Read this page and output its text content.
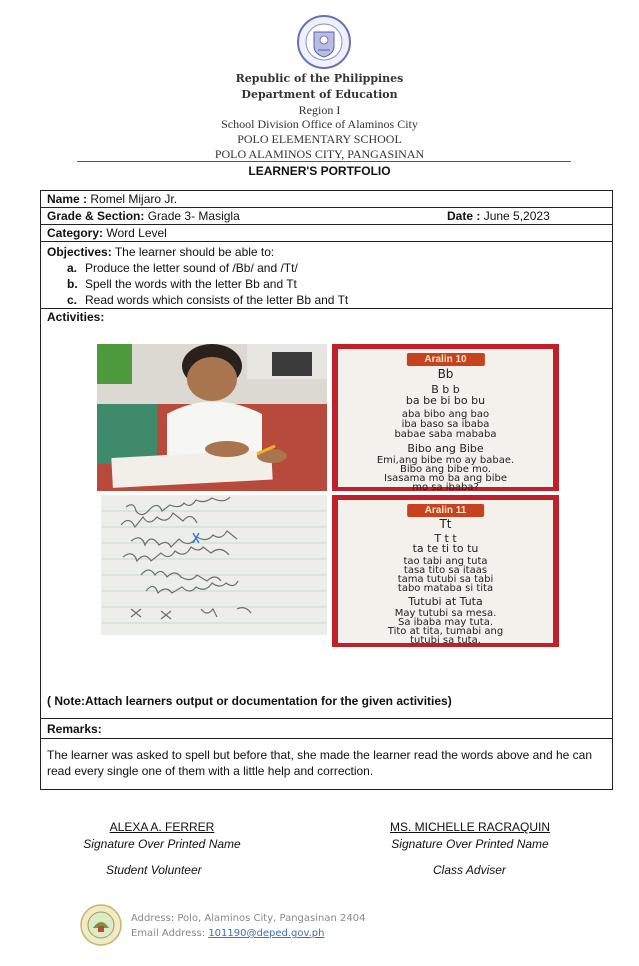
Republic of the Philippines
Department of Education
Region I
School Division Office of Alaminos City
POLO ELEMENTARY SCHOOL
POLO ALAMINOS CITY, PANGASINAN
LEARNER'S PORTFOLIO
Name : Romel Mijaro Jr.
Grade & Section: Grade 3- Masigla	Date : June 5,2023
Category: Word Level
Objectives: The learner should be able to:
a. Produce the letter sound of /Bb/ and /Tt/
b. Spell the words with the letter Bb and Tt
c. Read words which consists of the letter Bb and Tt
Activities:
( Note:Attach learners output or documentation for the given activities)
Aralin 10
Bb
B b b
ba be bi bo bu
aba bibo ang bao
iba baso sa ibaba
babae saba mababa
Bibo ang Bibe
Emi,ang bibe mo ay babae.
Bibo ang bibe mo.
Isasama mo ba ang bibe
mo sa ibaba?
Aralin 11
Tt
T t t
ta te ti to tu
tao tabi ang tuta
tasa tito sa itaas
tama tutubi sa tabi
tabo mataba si tita
Tutubi at Tuta
May tutubi sa mesa.
Sa ibaba may tuta.
Tito at tita, tumabi ang
tutubi sa tuta.
Remarks:
The learner was asked to spell but before that, she made the learner read the words above and he can read every single one of them with a little help and correction.
ALEXA A. FERRER
Signature Over Printed Name
Student Volunteer
MS. MICHELLE RACRAQUIN
Signature Over Printed Name
Class Adviser
Address: Polo, Alaminos City, Pangasinan 2404
Email Address: 101190@deped.gov.ph
